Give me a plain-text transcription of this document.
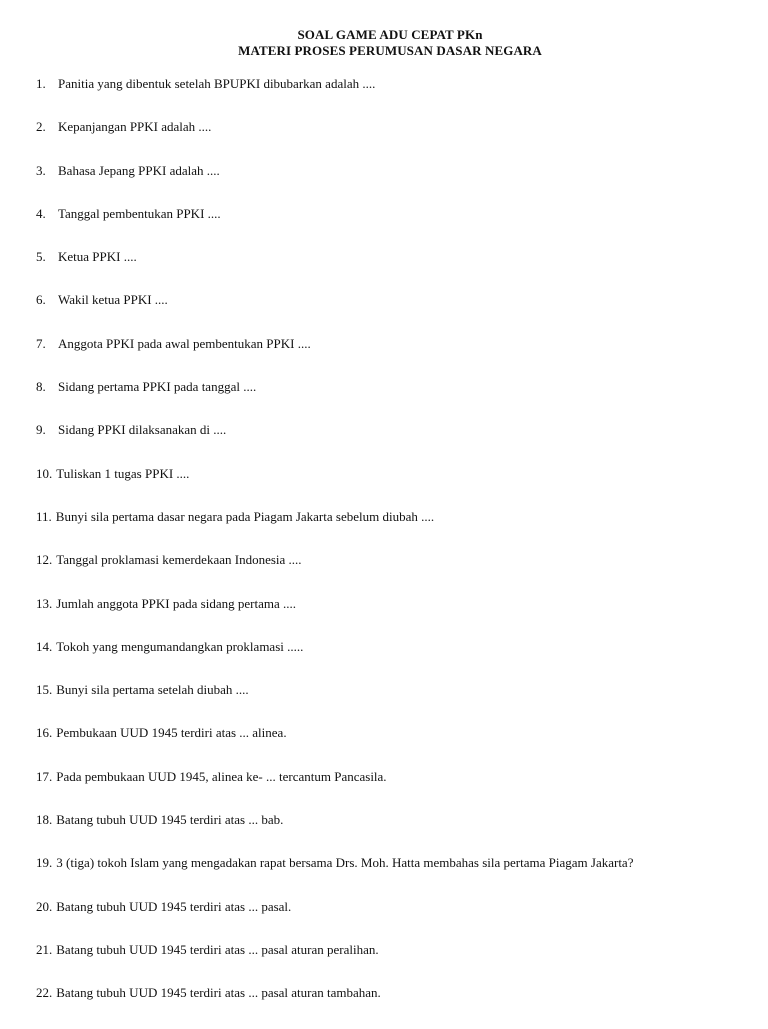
SOAL GAME ADU CEPAT PKn
MATERI PROSES PERUMUSAN DASAR NEGARA
1. Panitia yang dibentuk setelah BPUPKI dibubarkan adalah ....
2. Kepanjangan PPKI adalah ....
3. Bahasa Jepang PPKI adalah ....
4. Tanggal pembentukan PPKI ....
5. Ketua PPKI ....
6. Wakil ketua PPKI ....
7. Anggota PPKI pada awal pembentukan PPKI ....
8. Sidang pertama PPKI pada tanggal ....
9. Sidang PPKI dilaksanakan di ....
10. Tuliskan 1 tugas PPKI ....
11. Bunyi sila pertama dasar negara pada Piagam Jakarta sebelum diubah ....
12. Tanggal proklamasi kemerdekaan Indonesia ....
13. Jumlah anggota PPKI pada sidang pertama ....
14. Tokoh yang mengumandangkan proklamasi .....
15. Bunyi sila pertama setelah diubah ....
16. Pembukaan UUD 1945 terdiri atas ... alinea.
17. Pada pembukaan UUD 1945, alinea ke- ... tercantum Pancasila.
18. Batang tubuh UUD 1945 terdiri atas ... bab.
19. 3 (tiga) tokoh Islam yang mengadakan rapat bersama Drs. Moh. Hatta membahas sila pertama Piagam Jakarta?
20. Batang tubuh UUD 1945 terdiri atas ... pasal.
21. Batang tubuh UUD 1945 terdiri atas ... pasal aturan peralihan.
22. Batang tubuh UUD 1945 terdiri atas ... pasal aturan tambahan.
